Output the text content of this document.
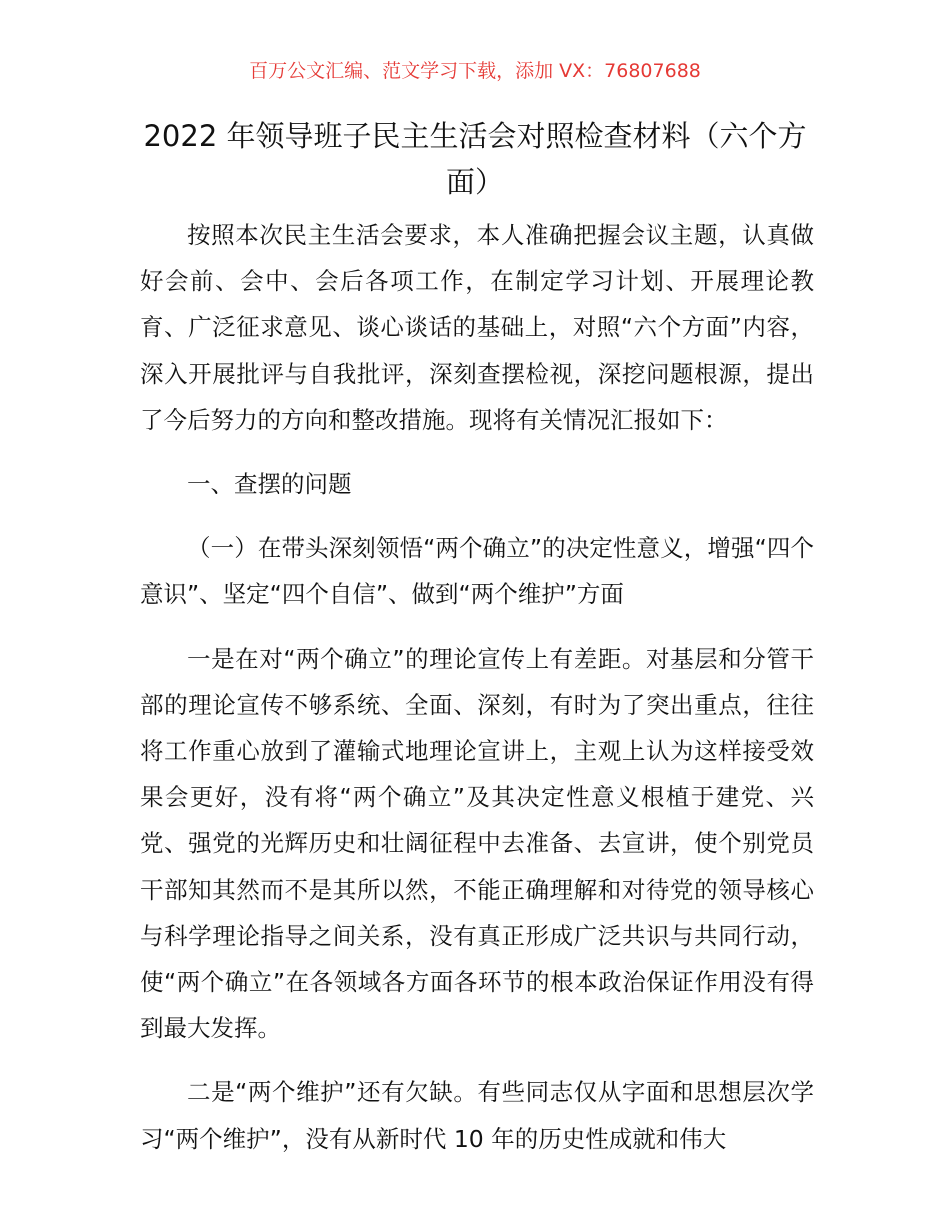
百万公文汇编、范文学习下载，添加 VX：76807688
2022 年领导班子民主生活会对照检查材料（六个方面）

按照本次民主生活会要求，本人准确把握会议主题，认真做好会前、会中、会后各项工作，在制定学习计划、开展理论教育、广泛征求意见、谈心谈话的基础上，对照“六个方面”内容，深入开展批评与自我批评，深刻查摆检视，深挖问题根源，提出了今后努力的方向和整改措施。现将有关情况汇报如下：

一、查摆的问题

（一）在带头深刻领悟“两个确立”的决定性意义，增强“四个意识”、坚定“四个自信”、做到“两个维护”方面

一是在对“两个确立”的理论宣传上有差距。对基层和分管干部的理论宣传不够系统、全面、深刻，有时为了突出重点，往往将工作重心放到了灌输式地理论宣讲上，主观上认为这样接受效果会更好，没有将“两个确立”及其决定性意义根植于建党、兴党、强党的光辉历史和壮阔征程中去准备、去宣讲，使个别党员干部知其然而不是其所以然，不能正确理解和对待党的领导核心与科学理论指导之间关系，没有真正形成广泛共识与共同行动，使“两个确立”在各领域各方面各环节的根本政治保证作用没有得到最大发挥。

二是“两个维护”还有欠缺。有些同志仅从字面和思想层次学习“两个维护”，没有从新时代 10 年的历史性成就和伟大
